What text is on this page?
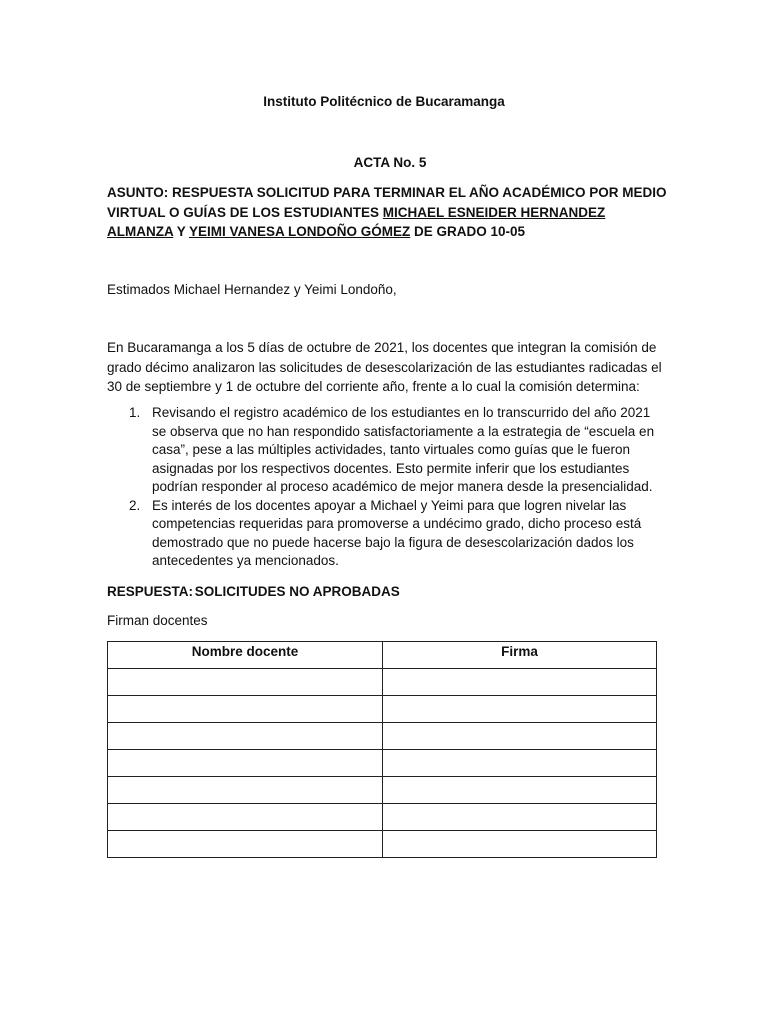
Instituto Politécnico de Bucaramanga
ACTA No. 5
ASUNTO: RESPUESTA SOLICITUD PARA TERMINAR EL AÑO ACADÉMICO POR MEDIO VIRTUAL O GUÍAS DE LOS ESTUDIANTES MICHAEL ESNEIDER HERNANDEZ ALMANZA Y YEIMI VANESA LONDOÑO GÓMEZ DE GRADO 10-05
Estimados Michael Hernandez y Yeimi Londoño,
En Bucaramanga a los 5 días de octubre de 2021, los docentes que integran la comisión de grado décimo analizaron las solicitudes de desescolarización de las estudiantes radicadas el 30 de septiembre y 1 de octubre del corriente año, frente a lo cual la comisión determina:
1. Revisando el registro académico de los estudiantes en lo transcurrido del año 2021 se observa que no han respondido satisfactoriamente a la estrategia de “escuela en casa”, pese a las múltiples actividades, tanto virtuales como guías que le fueron asignadas por los respectivos docentes. Esto permite inferir que los estudiantes podrían responder al proceso académico de mejor manera desde la presencialidad.
2. Es interés de los docentes apoyar a Michael y Yeimi para que logren nivelar las competencias requeridas para promoverse a undécimo grado, dicho proceso está demostrado que no puede hacerse bajo la figura de desescolarización dados los antecedentes ya mencionados.
RESPUESTA: SOLICITUDES NO APROBADAS
Firman docentes
Nombre docente	Firma
